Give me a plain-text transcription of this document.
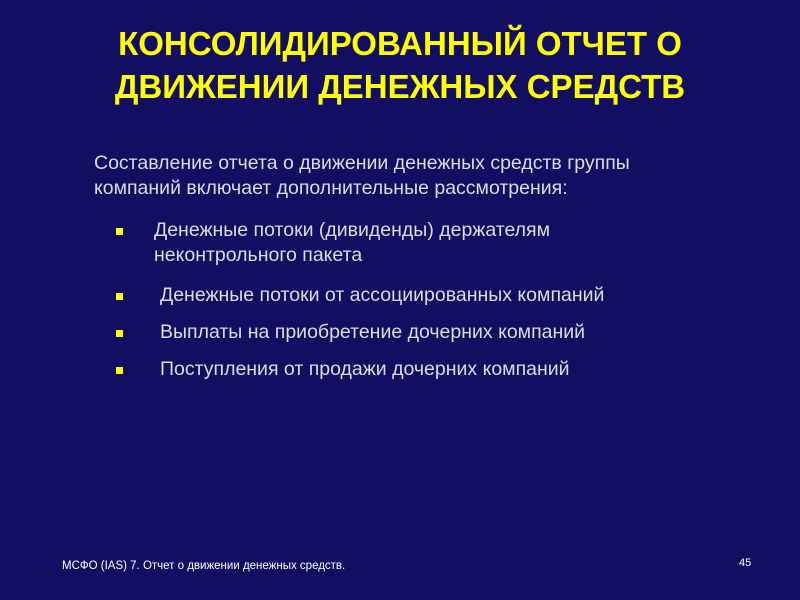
КОНСОЛИДИРОВАННЫЙ ОТЧЕТ О
ДВИЖЕНИИ ДЕНЕЖНЫХ СРЕДСТВ

Составление отчета о движении денежных средств группы
компаний включает дополнительные рассмотрения:

Денежные потоки (дивиденды) держателям
неконтрольного пакета
Денежные потоки от ассоциированных компаний
Выплаты на приобретение дочерних компаний
Поступления от продажи дочерних компаний
МСФО (IAS) 7. Отчет о движении денежных средств.	45
